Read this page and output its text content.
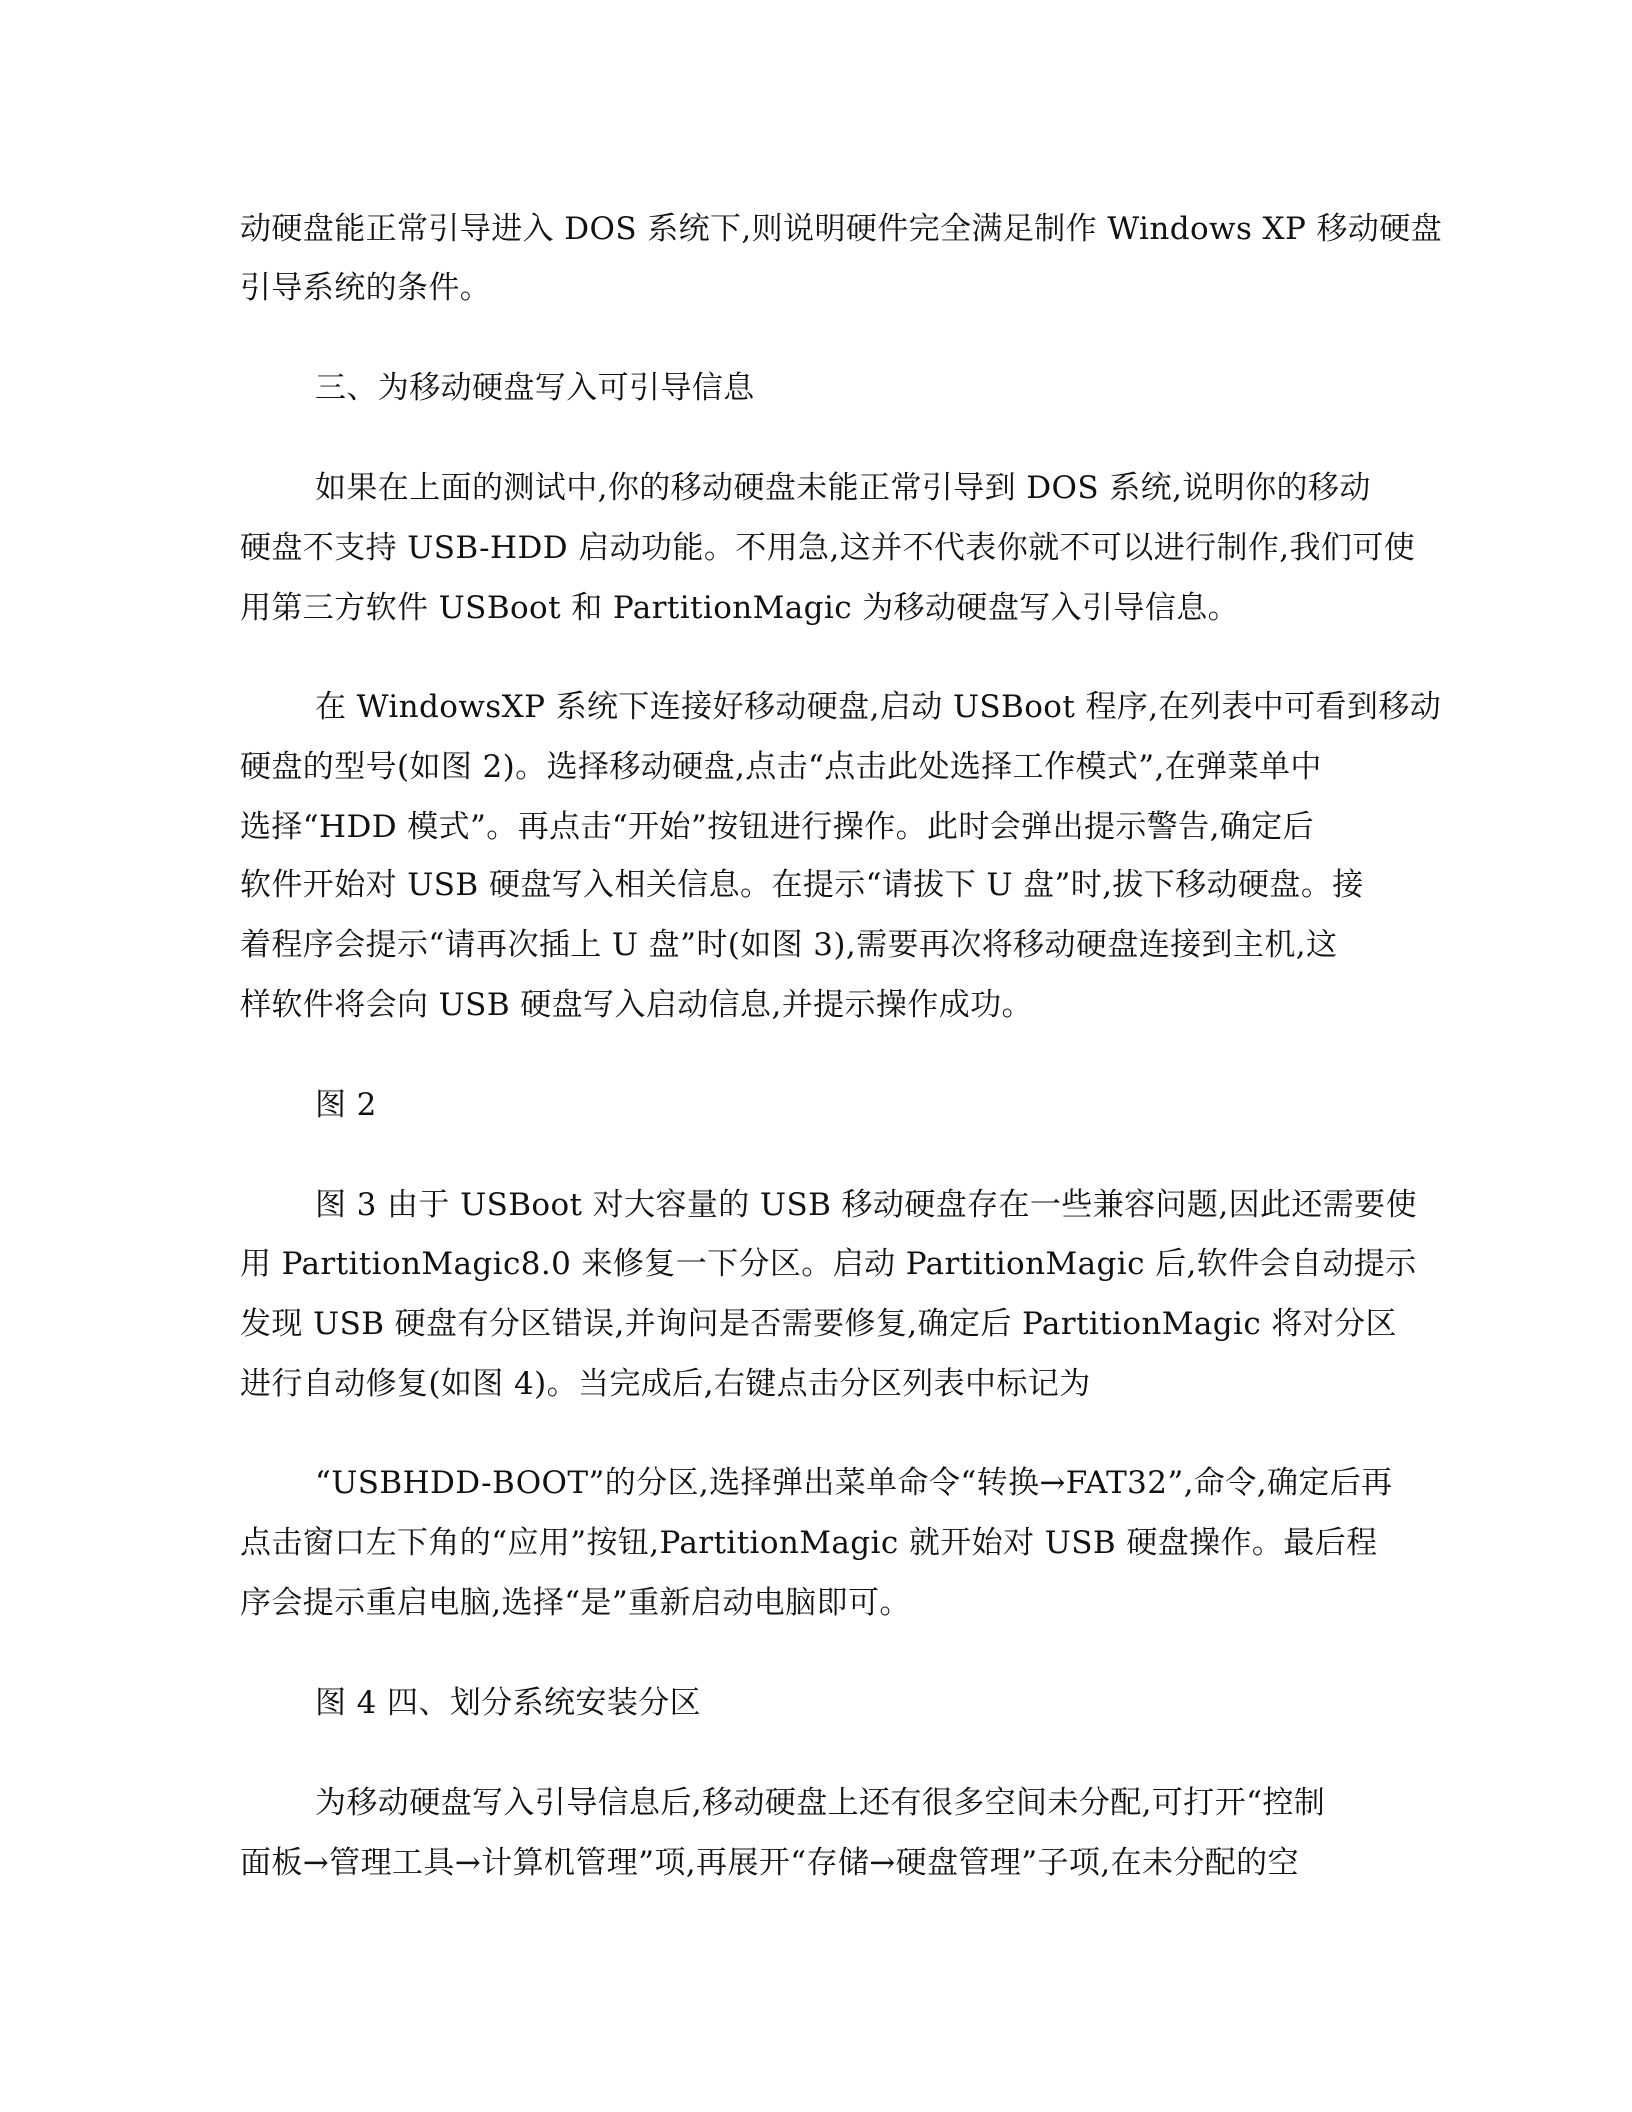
动硬盘能正常引导进入 DOS 系统下,则说明硬件完全满足制作 Windows XP 移动硬盘
引导系统的条件。
三、为移动硬盘写入可引导信息
如果在上面的测试中,你的移动硬盘未能正常引导到 DOS 系统,说明你的移动
硬盘不支持 USB-HDD 启动功能。不用急,这并不代表你就不可以进行制作,我们可使
用第三方软件 USBoot 和 PartitionMagic 为移动硬盘写入引导信息。
在 WindowsXP 系统下连接好移动硬盘,启动 USBoot 程序,在列表中可看到移动
硬盘的型号(如图 2)。选择移动硬盘,点击“点击此处选择工作模式”,在弹菜单中
选择“HDD 模式”。再点击“开始”按钮进行操作。此时会弹出提示警告,确定后
软件开始对 USB 硬盘写入相关信息。在提示“请拔下 U 盘”时,拔下移动硬盘。接
着程序会提示“请再次插上 U 盘”时(如图 3),需要再次将移动硬盘连接到主机,这
样软件将会向 USB 硬盘写入启动信息,并提示操作成功。
图 2
图 3 由于 USBoot 对大容量的 USB 移动硬盘存在一些兼容问题,因此还需要使
用 PartitionMagic8.0 来修复一下分区。启动 PartitionMagic 后,软件会自动提示
发现 USB 硬盘有分区错误,并询问是否需要修复,确定后 PartitionMagic 将对分区
进行自动修复(如图 4)。当完成后,右键点击分区列表中标记为
“USBHDD-BOOT”的分区,选择弹出菜单命令“转换→FAT32”,命令,确定后再
点击窗口左下角的“应用”按钮,PartitionMagic 就开始对 USB 硬盘操作。最后程
序会提示重启电脑,选择“是”重新启动电脑即可。
图 4 四、划分系统安装分区
为移动硬盘写入引导信息后,移动硬盘上还有很多空间未分配,可打开“控制
面板→管理工具→计算机管理”项,再展开“存储→硬盘管理”子项,在未分配的空
